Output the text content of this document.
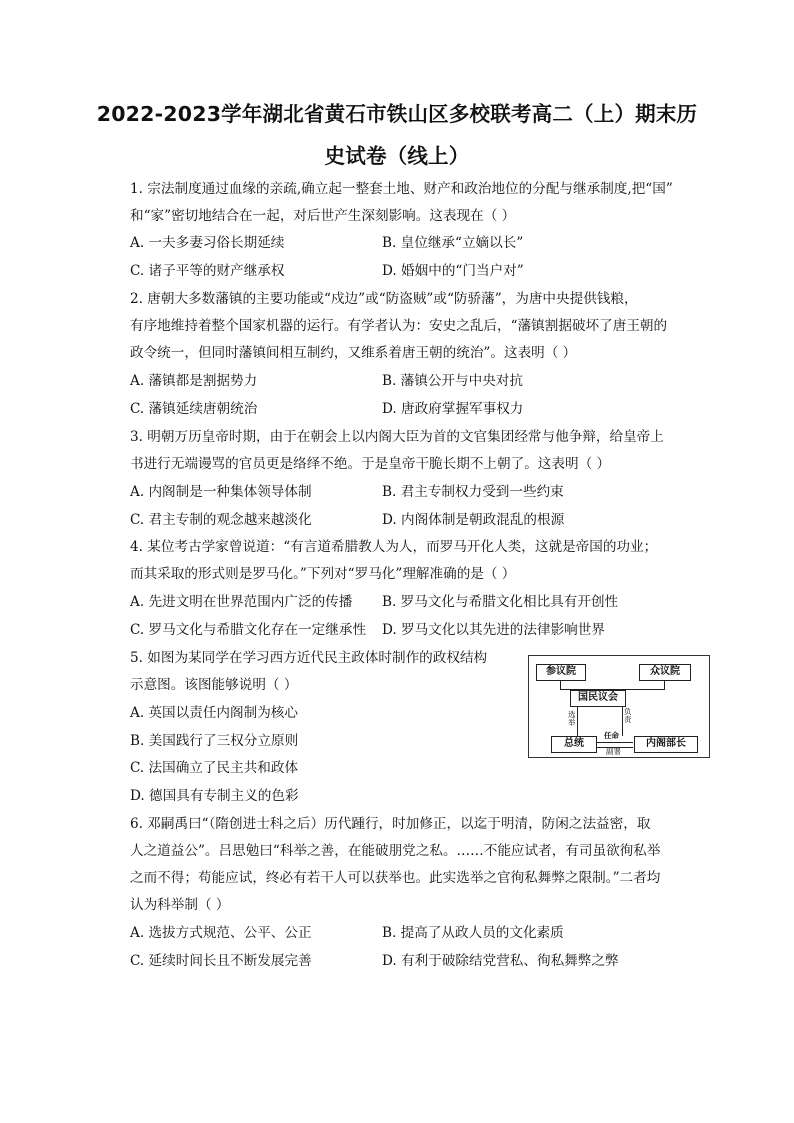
2022-2023学年湖北省黄石市铁山区多校联考高二（上）期末历
史试卷（线上）
1. 宗法制度通过血缘的亲疏,确立起一整套土地、财产和政治地位的分配与继承制度,把“国”
和“家”密切地结合在一起，对后世产生深刻影响。这表现在（ ）
A. 一夫多妻习俗长期延续	B. 皇位继承“立嫡以长”
C. 诸子平等的财产继承权	D. 婚姻中的“门当户对”
2. 唐朝大多数藩镇的主要功能或“戍边”或“防盗贼”或“防骄藩”，为唐中央提供钱粮，
有序地维持着整个国家机器的运行。有学者认为：安史之乱后，“藩镇割据破坏了唐王朝的
政令统一，但同时藩镇间相互制约，又维系着唐王朝的统治”。这表明（ ）
A. 藩镇都是割据势力	B. 藩镇公开与中央对抗
C. 藩镇延续唐朝统治	D. 唐政府掌握军事权力
3. 明朝万历皇帝时期，由于在朝会上以内阁大臣为首的文官集团经常与他争辩，给皇帝上
书进行无端谩骂的官员更是络绎不绝。于是皇帝干脆长期不上朝了。这表明（ ）
A. 内阁制是一种集体领导体制	B. 君主专制权力受到一些约束
C. 君主专制的观念越来越淡化	D. 内阁体制是朝政混乱的根源
4. 某位考古学家曾说道：“有言道希腊教人为人，而罗马开化人类，这就是帝国的功业；
而其采取的形式则是罗马化。”下列对“罗马化”理解准确的是（ ）
A. 先进文明在世界范围内广泛的传播 B. 罗马文化与希腊文化相比具有开创性
C. 罗马文化与希腊文化存在一定继承性 D. 罗马文化以其先进的法律影响世界
5. 如图为某同学在学习西方近代民主政体时制作的政权结构
示意图。该图能够说明（ ）
A. 英国以责任内阁制为核心
B. 美国践行了三权分立原则
C. 法国确立了民主共和政体
D. 德国具有专制主义的色彩
参议院	众议院
国民议会
选举
负责
总统	内阁部长
任命
副署
6. 邓嗣禹曰“（隋创进士科之后）历代踵行，时加修正，以迄于明清，防闲之法益密，取
人之道益公”。吕思勉曰“科举之善，在能破朋党之私。……不能应试者，有司虽欲徇私举
之而不得；苟能应试，终必有若干人可以获举也。此实选举之官徇私舞弊之限制。”二者均
认为科举制（ ）
A. 选拔方式规范、公平、公正	B. 提高了从政人员的文化素质
C. 延续时间长且不断发展完善	D. 有利于破除结党营私、徇私舞弊之弊
